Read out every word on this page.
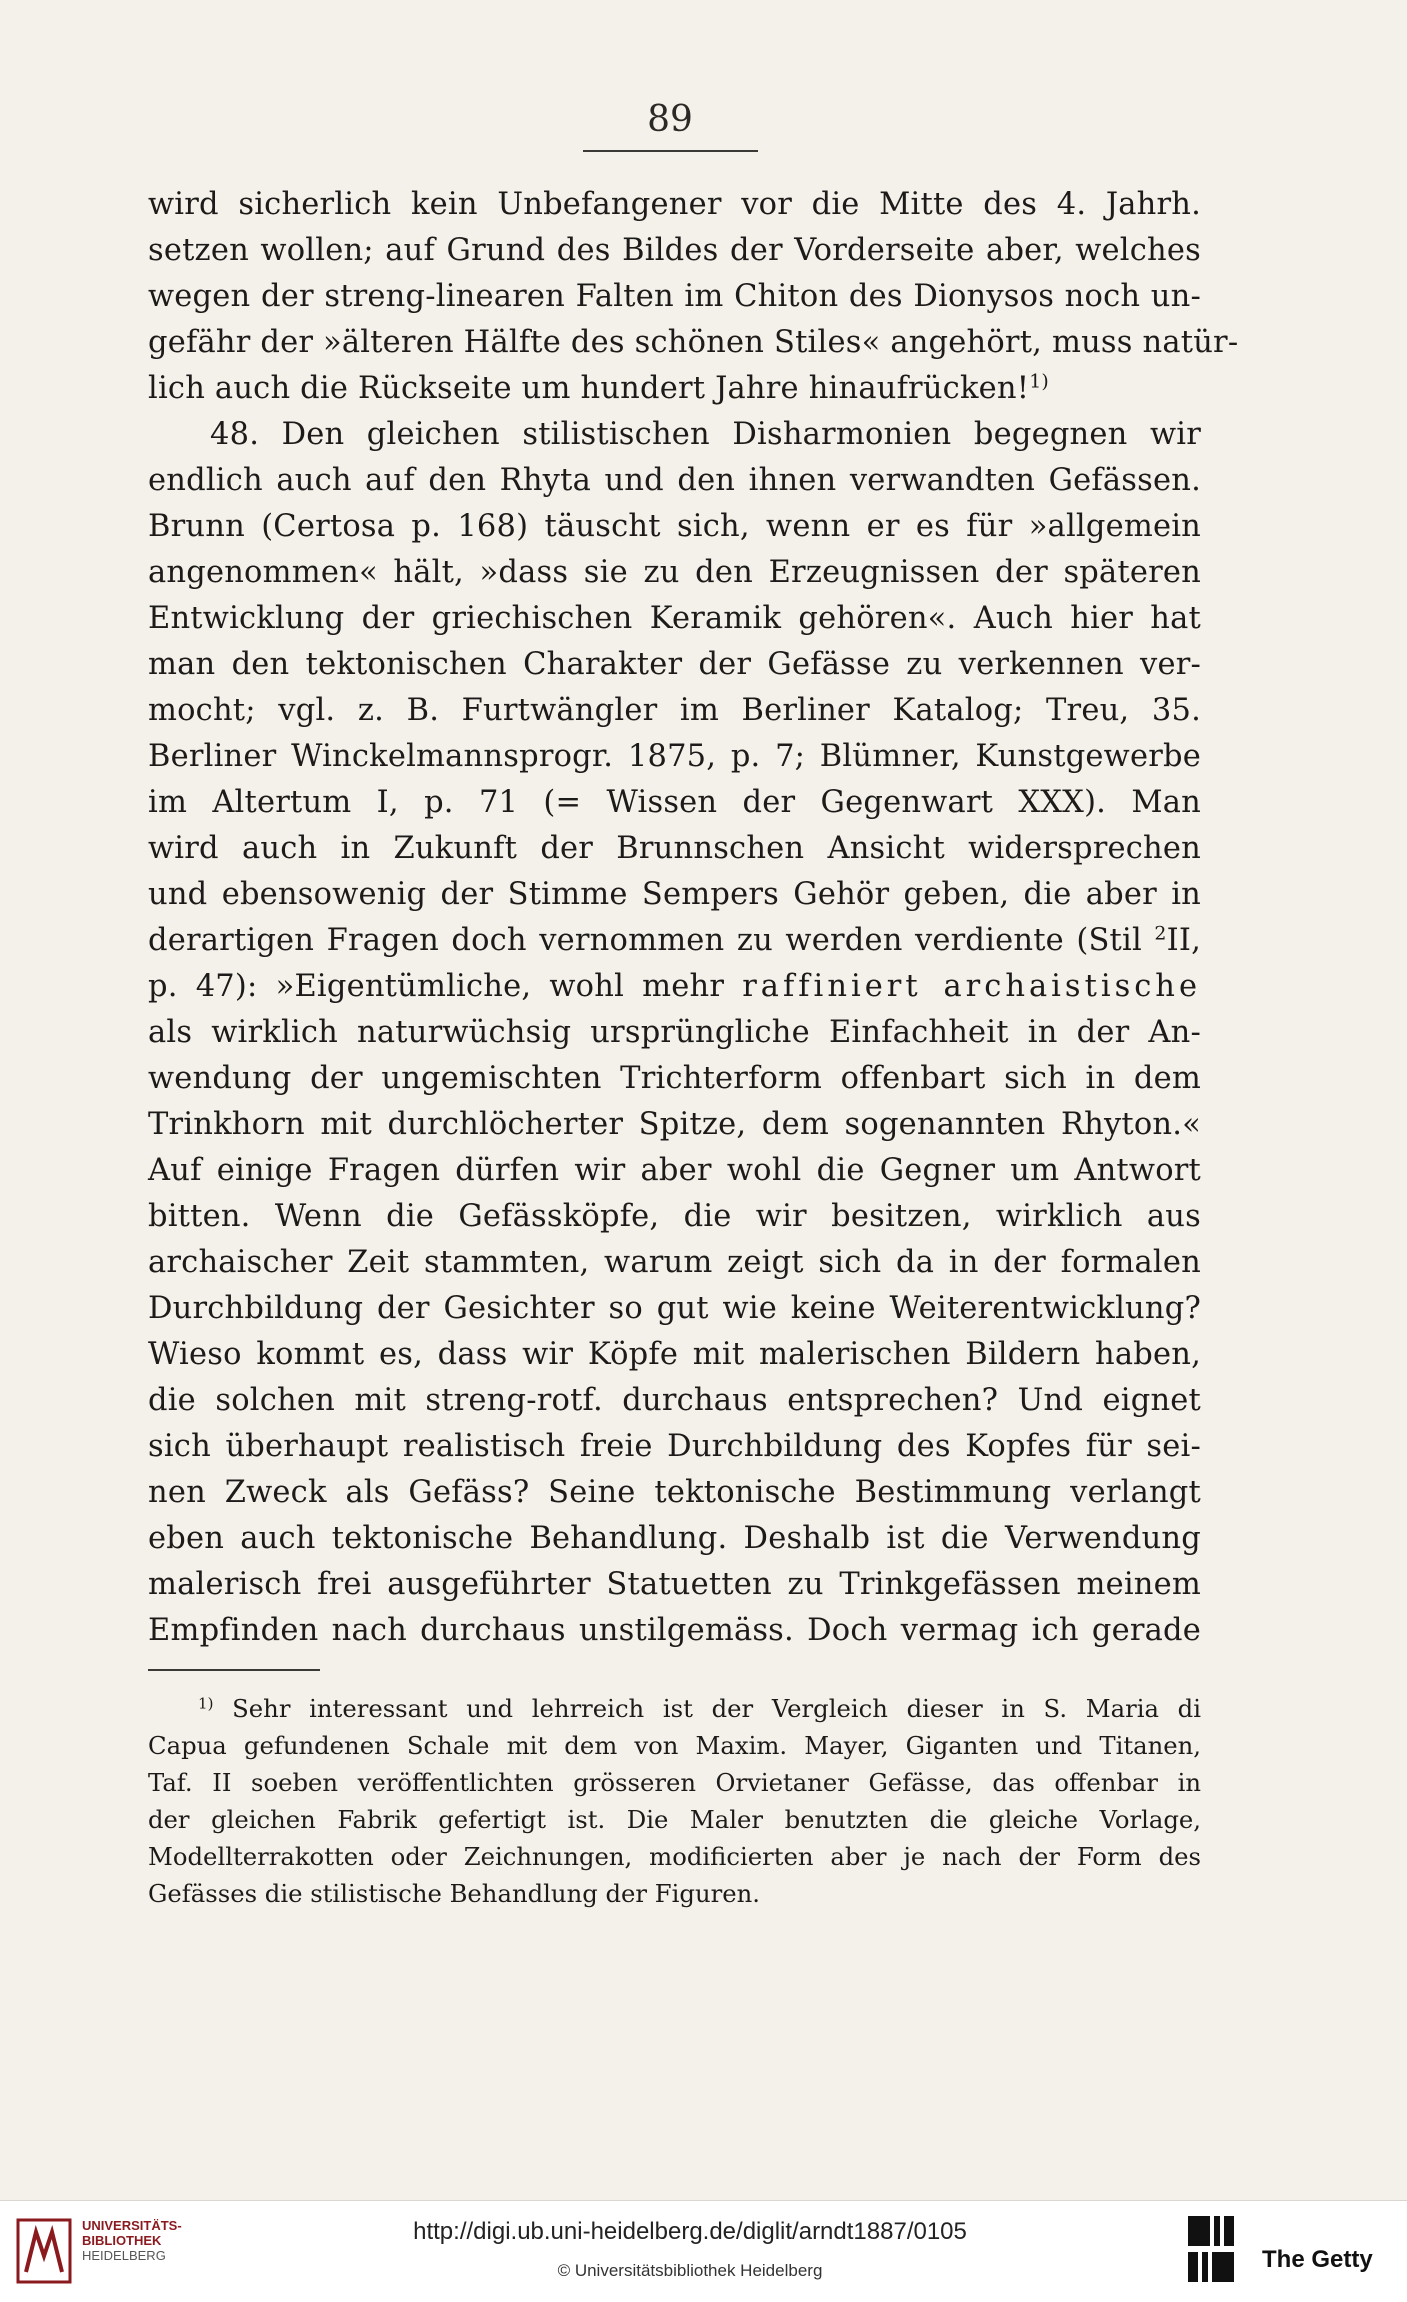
89
wird sicherlich kein Unbefangener vor die Mitte des 4. Jahrh.
setzen wollen; auf Grund des Bildes der Vorderseite aber, welches
wegen der streng-linearen Falten im Chiton des Dionysos noch un-
gefähr der »älteren Hälfte des schönen Stiles« angehört, muss natür-
lich auch die Rückseite um hundert Jahre hinaufrücken!$^{1)}$
48. Den gleichen stilistischen Disharmonien begegnen wir
endlich auch auf den Rhyta und den ihnen verwandten Gefässen.
Brunn (Certosa p. 168) täuscht sich, wenn er es für »allgemein
angenommen« hält, »dass sie zu den Erzeugnissen der späteren
Entwicklung der griechischen Keramik gehören«. Auch hier hat
man den tektonischen Charakter der Gefässe zu verkennen ver-
mocht; vgl. z. B. Furtwängler im Berliner Katalog; Treu, 35.
Berliner Winckelmannsprogr. 1875, p. 7; Blümner, Kunstgewerbe
im Altertum I, p. 71 (= Wissen der Gegenwart XXX). Man
wird auch in Zukunft der Brunnschen Ansicht widersprechen
und ebensowenig der Stimme Sempers Gehör geben, die aber in
derartigen Fragen doch vernommen zu werden verdiente (Stil $^2$II,
p. 47): »Eigentümliche, wohl mehr raffiniert archaistische
als wirklich naturwüchsig ursprüngliche Einfachheit in der An-
wendung der ungemischten Trichterform offenbart sich in dem
Trinkhorn mit durchlöcherter Spitze, dem sogenannten Rhyton.«
Auf einige Fragen dürfen wir aber wohl die Gegner um Antwort
bitten. Wenn die Gefässköpfe, die wir besitzen, wirklich aus
archaischer Zeit stammten, warum zeigt sich da in der formalen
Durchbildung der Gesichter so gut wie keine Weiterentwicklung?
Wieso kommt es, dass wir Köpfe mit malerischen Bildern haben,
die solchen mit streng-rotf. durchaus entsprechen? Und eignet
sich überhaupt realistisch freie Durchbildung des Kopfes für sei-
nen Zweck als Gefäss? Seine tektonische Bestimmung verlangt
eben auch tektonische Behandlung. Deshalb ist die Verwendung
malerisch frei ausgeführter Statuetten zu Trinkgefässen meinem
Empfinden nach durchaus unstilgemäss. Doch vermag ich gerade
$^{1)}$ Sehr interessant und lehrreich ist der Vergleich dieser in S. Maria di
Capua gefundenen Schale mit dem von Maxim. Mayer, Giganten und Titanen,
Taf. II soeben veröffentlichten grösseren Orvietaner Gefässe, das offenbar in
der gleichen Fabrik gefertigt ist. Die Maler benutzten die gleiche Vorlage,
Modellterrakotten oder Zeichnungen, modificierten aber je nach der Form des
Gefässes die stilistische Behandlung der Figuren.
UNIVERSITÄTS-
BIBLIOTHEK
HEIDELBERG
http://digi.ub.uni-heidelberg.de/diglit/arndt1887/0105
© Universitätsbibliothek Heidelberg	The Getty
